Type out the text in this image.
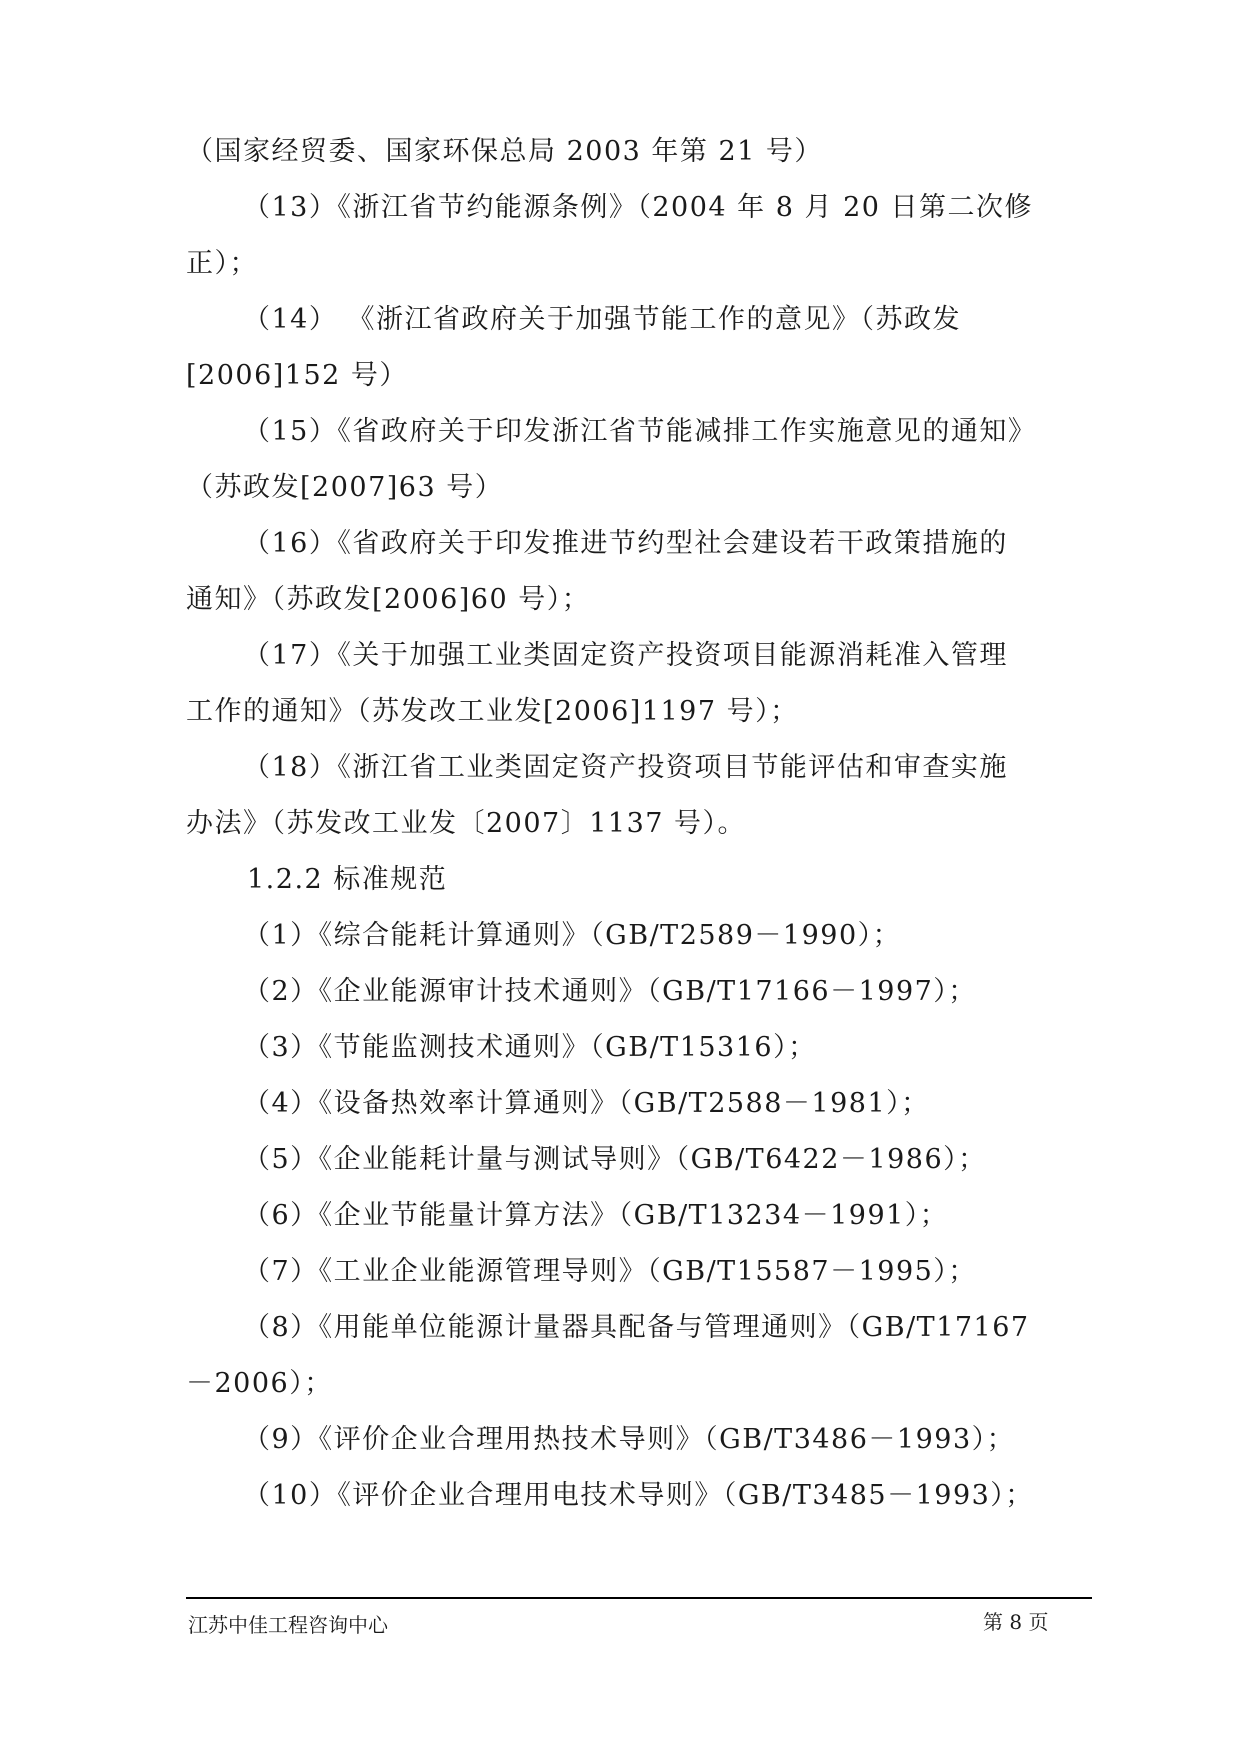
（国家经贸委、国家环保总局 2003 年第 21 号）
（13）《浙江省节约能源条例》（2004 年 8 月 20 日第二次修
正）；
（14） 《浙江省政府关于加强节能工作的意见》（苏政发
[2006]152 号）
（15）《省政府关于印发浙江省节能减排工作实施意见的通知》
（苏政发[2007]63 号）
（16）《省政府关于印发推进节约型社会建设若干政策措施的
通知》（苏政发[2006]60 号）；
（17）《关于加强工业类固定资产投资项目能源消耗准入管理
工作的通知》（苏发改工业发[2006]1197 号）；
（18）《浙江省工业类固定资产投资项目节能评估和审查实施
办法》（苏发改工业发〔2007〕1137 号）。
1.2.2 标准规范
（1）《综合能耗计算通则》（GB/T2589－1990）；
（2）《企业能源审计技术通则》（GB/T17166－1997）；
（3）《节能监测技术通则》（GB/T15316）；
（4）《设备热效率计算通则》（GB/T2588－1981）；
（5）《企业能耗计量与测试导则》（GB/T6422－1986）；
（6）《企业节能量计算方法》（GB/T13234－1991）；
（7）《工业企业能源管理导则》（GB/T15587－1995）；
（8）《用能单位能源计量器具配备与管理通则》（GB/T17167
－2006）；
（9）《评价企业合理用热技术导则》（GB/T3486－1993）；
（10）《评价企业合理用电技术导则》（GB/T3485－1993）；
江苏中佳工程咨询中心	第 8 页
